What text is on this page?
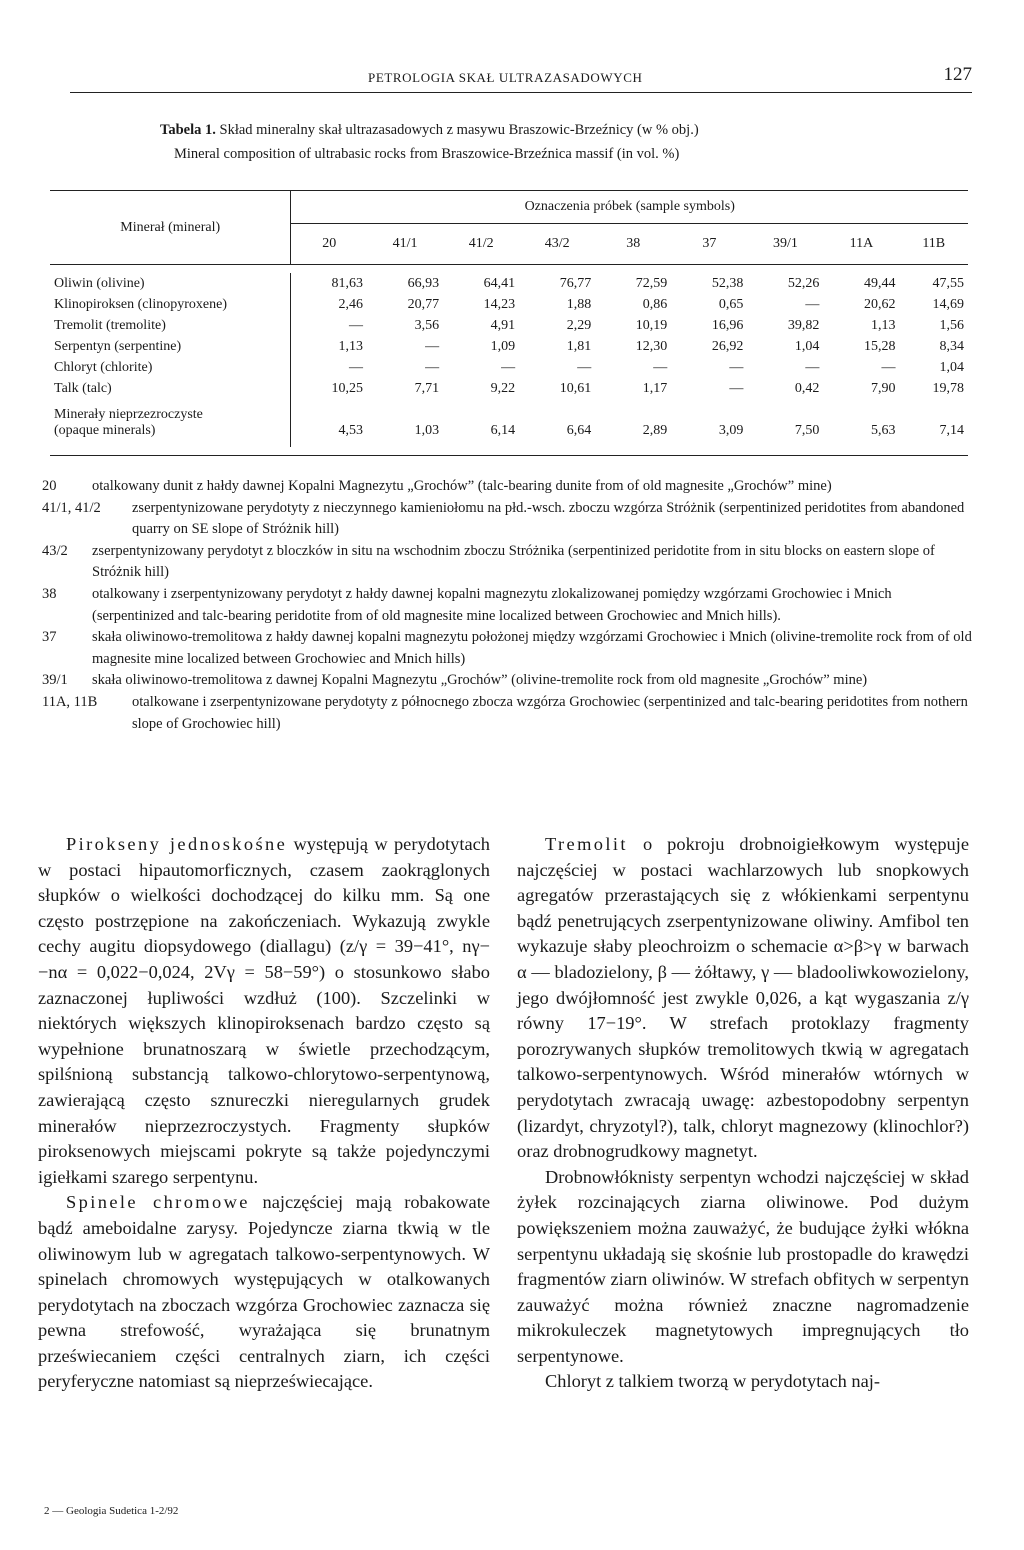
PETROLOGIA SKAŁ ULTRAZASADOWYCH	127
Tabela 1. Skład mineralny skał ultrazasadowych z masywu Braszowic-Brzeźnicy (w % obj.)
Mineral composition of ultrabasic rocks from Braszowice-Brzeźnica massif (in vol. %)

Minerał (mineral)	Oznaczenia próbek (sample symbols)								
	20	41/1	41/2	43/2	38	37	39/1	11A	11B

Oliwin (olivine)	81,63	66,93	64,41	76,77	72,59	52,38	52,26	49,44	47,55
Klinopiroksen (clinopyroxene)	2,46	20,77	14,23	1,88	0,86	0,65	—	20,62	14,69
Tremolit (tremolite)	—	3,56	4,91	2,29	10,19	16,96	39,82	1,13	1,56
Serpentyn (serpentine)	1,13	—	1,09	1,81	12,30	26,92	1,04	15,28	8,34
Chloryt (chlorite)	—	—	—	—	—	—	—	—	1,04
Talk (talc)	10,25	7,71	9,22	10,61	1,17	—	0,42	7,90	19,78

Minerały nieprzezroczyste
(opaque minerals)	4,53	1,03	6,14	6,64	2,89	3,09	7,50	5,63	7,14
20 otalkowany dunit z hałdy dawnej Kopalni Magnezytu „Grochów” (talc-bearing dunite from of old magnesite „Grochów” mine)
41/1, 41/2	zserpentynizowane perydotyty z nieczynnego kamieniołomu na płd.-wsch. zboczu wzgórza Stróżnik (serpentinized peridotites from abandoned quarry on SE slope of Stróżnik hill)
43/2 zserpentynizowany perydotyt z bloczków in situ na wschodnim zboczu Stróżnika (serpentinized peridotite from in situ blocks on eastern slope of Stróżnik hill)
38 otalkowany i zserpentynizowany perydotyt z hałdy dawnej kopalni magnezytu zlokalizowanej pomiędzy wzgórzami Grochowiec i Mnich (serpentinized and talc-bearing peridotite from of old magnesite mine localized between Grochowiec and Mnich hills).
37 skała oliwinowo-tremolitowa z hałdy dawnej kopalni magnezytu położonej między wzgórzami Grochowiec i Mnich (olivine-tremolite rock from of old magnesite mine localized between Grochowiec and Mnich hills)
39/1 skała oliwinowo-tremolitowa z dawnej Kopalni Magnezytu „Grochów” (olivine-tremolite rock from old magnesite „Grochów” mine)
11A, 11B	otalkowane i zserpentynizowane perydotyty z północnego zbocza wzgórza Grochowiec (serpentinized and talc-bearing peridotites from nothern slope of Grochowiec hill)

Pirokseny jednoskośne występują w perydotytach w postaci hipautomorficznych, czasem zaokrąglonych słupków o wielkości dochodzącej do kilku mm. Są one często postrzępione na zakończeniach. Wykazują zwykle cechy augitu diopsydowego (diallagu) (z/γ = 39−41°, nγ−−nα = 0,022−0,024, 2Vγ = 58−59°) o stosunkowo słabo zaznaczonej łupliwości wzdłuż (100). Szczelinki w niektórych większych klinopiroksenach bardzo często są wypełnione brunatnoszarą w świetle przechodzącym, spilśnioną substancją talkowo-chlorytowo-serpentynową, zawierającą często sznureczki nieregularnych grudek minerałów nieprzezroczystych. Fragmenty słupków piroksenowych miejscami pokryte są także pojedynczymi igiełkami szarego serpentynu.

Spinele chromowe najczęściej mają robakowate bądź ameboidalne zarysy. Pojedyncze ziarna tkwią w tle oliwinowym lub w agregatach talkowo-serpentynowych. W spinelach chromowych występujących w otalkowanych perydotytach na zboczach wzgórza Grochowiec zaznacza się pewna strefowość, wyrażająca się brunatnym przeświecaniem części centralnych ziarn, ich części peryferyczne natomiast są nieprzeświecające.

Tremolit o pokroju drobnoigiełkowym występuje najczęściej w postaci wachlarzowych lub snopkowych agregatów przerastających się z włókienkami serpentynu bądź penetrujących zserpentynizowane oliwiny. Amfibol ten wykazuje słaby pleochroizm o schemacie α>β>γ w barwach α — bladozielony, β — żółtawy, γ — bladooliwkowozielony, jego dwójłomność jest zwykle 0,026, a kąt wygaszania z/γ równy 17−19°. W strefach protoklazy fragmenty porozrywanych słupków tremolitowych tkwią w agregatach talkowo-serpentynowych. Wśród minerałów wtórnych w perydotytach zwracają uwagę: azbestopodobny serpentyn (lizardyt, chryzotyl?), talk, chloryt magnezowy (klinochlor?) oraz drobnogrudkowy magnetyt.

Drobnowłóknisty serpentyn wchodzi najczęściej w skład żyłek rozcinających ziarna oliwinowe. Pod dużym powiększeniem można zauważyć, że budujące żyłki włókna serpentynu układają się skośnie lub prostopadle do krawędzi fragmentów ziarn oliwinów. W strefach obfitych w serpentyn zauważyć można również znaczne nagromadzenie mikrokuleczek magnetytowych impregnujących tło serpentynowe.

Chloryt z talkiem tworzą w perydotytach naj-

2 — Geologia Sudetica 1-2/92
